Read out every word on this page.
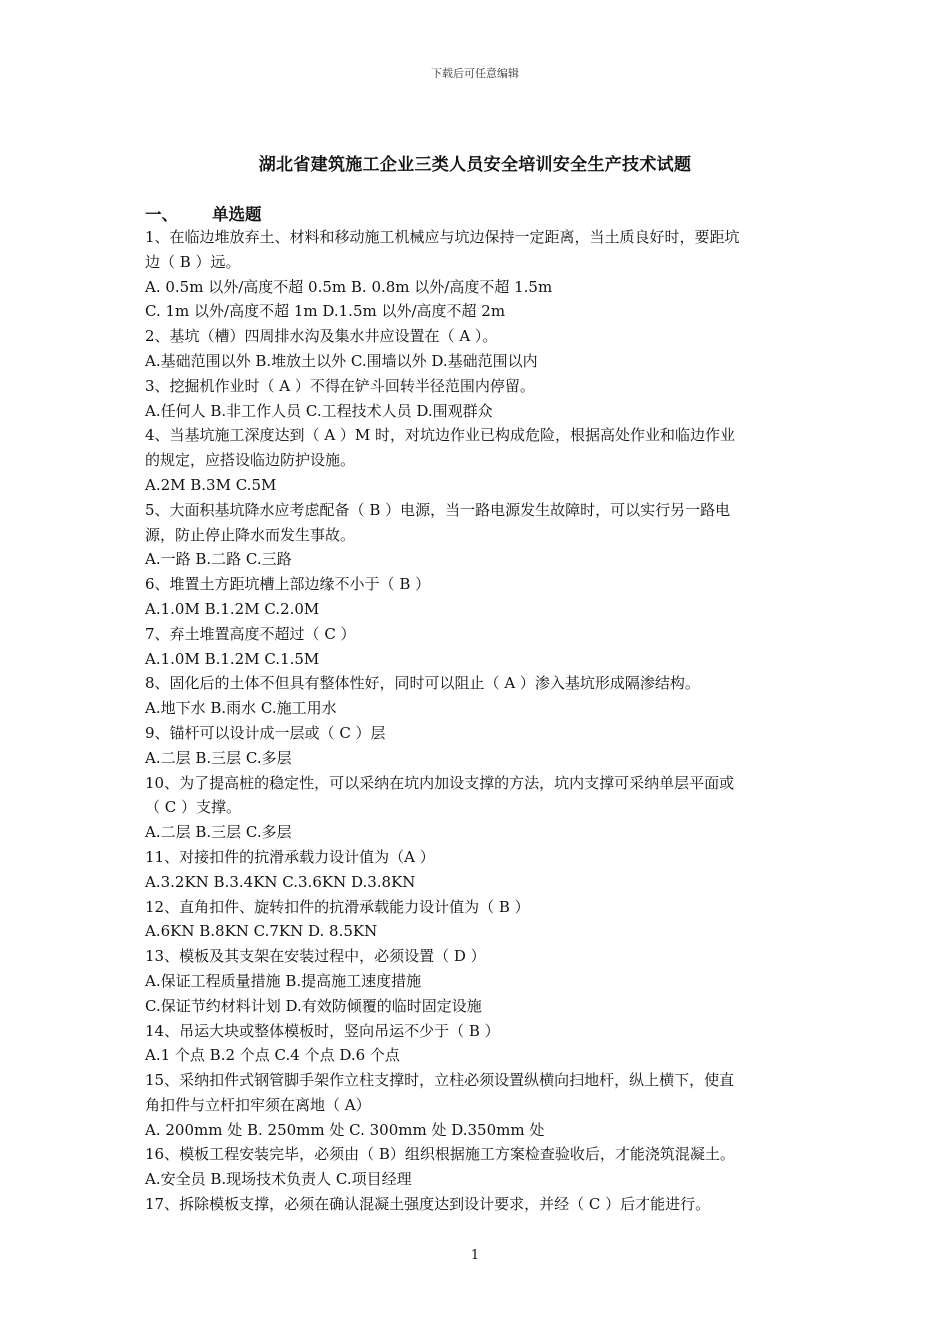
下载后可任意编辑
湖北省建筑施工企业三类人员安全培训安全生产技术试题
一、 单选题
1、在临边堆放弃土、材料和移动施工机械应与坑边保持一定距离，当土质良好时，要距坑
边（ B ）远。
A. 0.5m 以外/高度不超 0.5m B. 0.8m 以外/高度不超 1.5m
C. 1m 以外/高度不超 1m D.1.5m 以外/高度不超 2m
2、基坑（槽）四周排水沟及集水井应设置在（ A ）。
A.基础范围以外 B.堆放土以外 C.围墙以外 D.基础范围以内
3、挖掘机作业时（ A ）不得在铲斗回转半径范围内停留。
A.任何人 B.非工作人员 C.工程技术人员 D.围观群众
4、当基坑施工深度达到（ A ）M 时，对坑边作业已构成危险，根据高处作业和临边作业
的规定，应搭设临边防护设施。
A.2M B.3M C.5M
5、大面积基坑降水应考虑配备（ B ）电源，当一路电源发生故障时，可以实行另一路电
源，防止停止降水而发生事故。
A.一路 B.二路 C.三路
6、堆置土方距坑槽上部边缘不小于（ B ）
A.1.0M B.1.2M C.2.0M
7、弃土堆置高度不超过（ C ）
A.1.0M B.1.2M C.1.5M
8、固化后的土体不但具有整体性好，同时可以阻止（ A ）渗入基坑形成隔渗结构。
A.地下水 B.雨水 C.施工用水
9、锚杆可以设计成一层或（ C ）层
A.二层 B.三层 C.多层
10、为了提高桩的稳定性，可以采纳在坑内加设支撑的方法，坑内支撑可采纳单层平面或
（ C ）支撑。
A.二层 B.三层 C.多层
11、对接扣件的抗滑承载力设计值为（A ）
A.3.2KN B.3.4KN C.3.6KN D.3.8KN
12、直角扣件、旋转扣件的抗滑承载能力设计值为（ B ）
A.6KN B.8KN C.7KN D. 8.5KN
13、模板及其支架在安装过程中，必须设置（ D ）
A.保证工程质量措施 B.提高施工速度措施
C.保证节约材料计划 D.有效防倾覆的临时固定设施
14、吊运大块或整体模板时，竖向吊运不少于（ B ）
A.1 个点 B.2 个点 C.4 个点 D.6 个点
15、采纳扣件式钢管脚手架作立柱支撑时，立柱必须设置纵横向扫地杆，纵上横下，使直
角扣件与立杆扣牢须在离地（ A）
A. 200mm 处 B. 250mm 处 C. 300mm 处 D.350mm 处
16、模板工程安装完毕，必须由（ B）组织根据施工方案检查验收后，才能浇筑混凝土。
A.安全员 B.现场技术负责人 C.项目经理
17、拆除模板支撑，必须在确认混凝土强度达到设计要求，并经（ C ）后才能进行。
1
